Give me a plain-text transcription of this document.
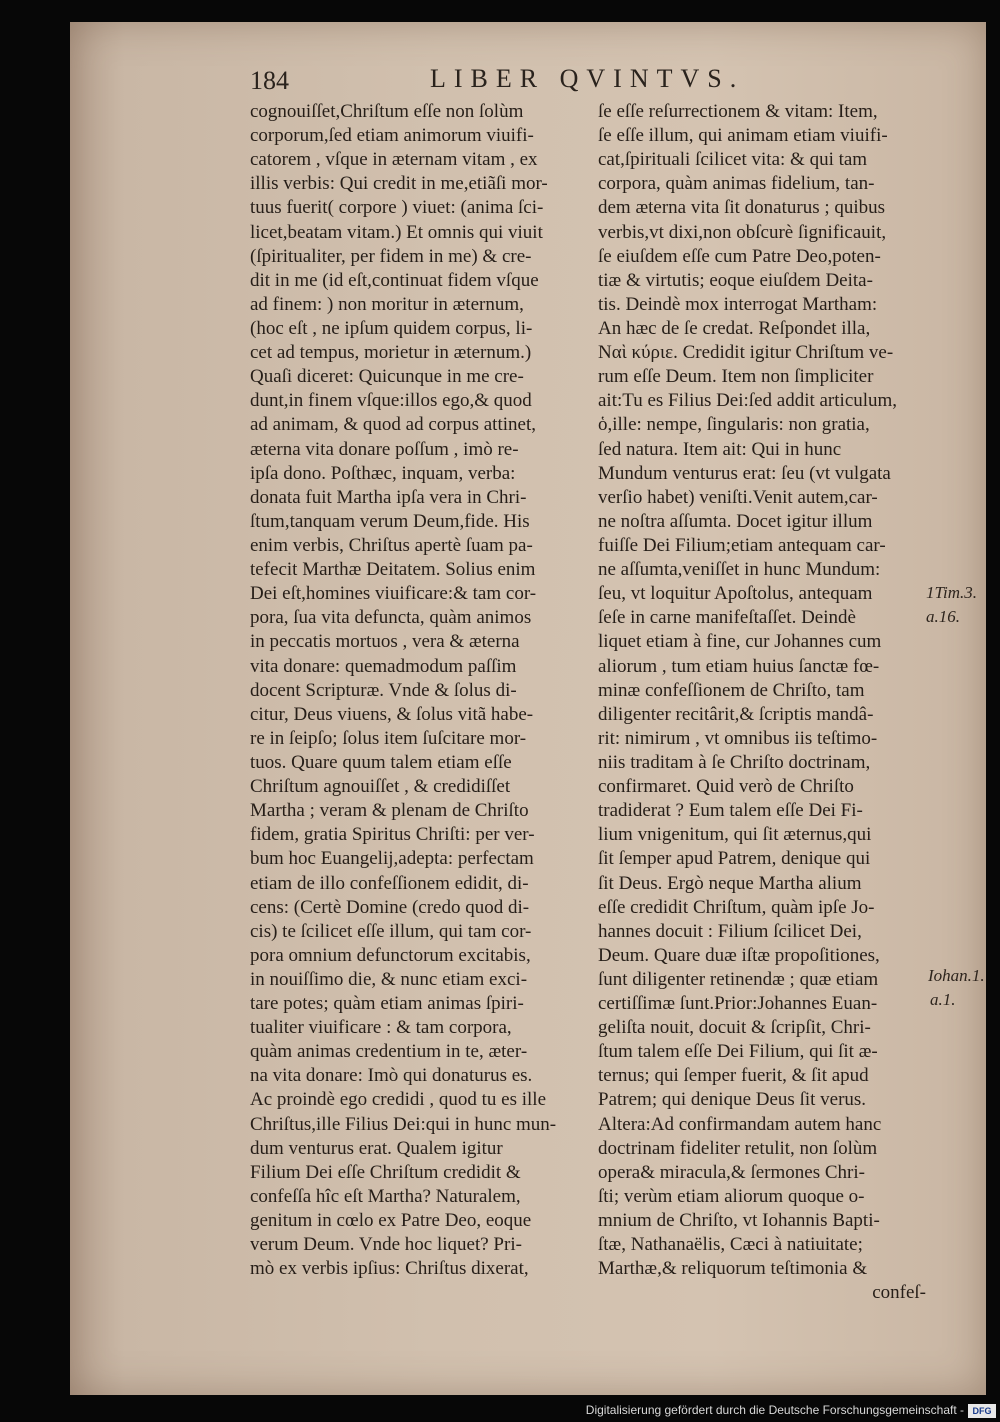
184	LIBER QVINTVS.
cognouiſſet,Chriſtum eſſe non ſolùm
corporum,ſed etiam animorum viuifi-
catorem , vſque in æternam vitam , ex
illis verbis: Qui credit in me,etiãſi mor-
tuus fuerit( corpore ) viuet: (anima ſci-
licet,beatam vitam.) Et omnis qui viuit
(ſpiritualiter, per fidem in me) & cre-
dit in me (id eſt,continuat fidem vſque
ad finem: ) non moritur in æternum,
(hoc eſt , ne ipſum quidem corpus, li-
cet ad tempus, morietur in æternum.)
Quaſi diceret: Quicunque in me cre-
dunt,in finem vſque:illos ego,& quod
ad animam, & quod ad corpus attinet,
æterna vita donare poſſum , imò re-
ipſa dono. Poſthæc, inquam, verba:
donata fuit Martha ipſa vera in Chri-
ſtum,tanquam verum Deum,fide. His
enim verbis, Chriſtus apertè ſuam pa-
tefecit Marthæ Deitatem. Solius enim
Dei eſt,homines viuificare:& tam cor-
pora, ſua vita defuncta, quàm animos
in peccatis mortuos , vera & æterna
vita donare: quemadmodum paſſim
docent Scripturæ. Vnde & ſolus di-
citur, Deus viuens, & ſolus vitã habe-
re in ſeipſo; ſolus item ſuſcitare mor-
tuos. Quare quum talem etiam eſſe
Chriſtum agnouiſſet , & credidiſſet
Martha ; veram & plenam de Chriſto
fidem, gratia Spiritus Chriſti: per ver-
bum hoc Euangelij,adepta: perfectam
etiam de illo confeſſionem edidit, di-
cens: (Certè Domine (credo quod di-
cis) te ſcilicet eſſe illum, qui tam cor-
pora omnium defunctorum excitabis,
in nouiſſimo die, & nunc etiam exci-
tare potes; quàm etiam animas ſpiri-
tualiter viuificare : & tam corpora,
quàm animas credentium in te, æter-
na vita donare: Imò qui donaturus es.
Ac proindè ego credidi , quod tu es ille
Chriſtus,ille Filius Dei:qui in hunc mun-
dum venturus erat. Qualem igitur
Filium Dei eſſe Chriſtum credidit &
confeſſa hîc eſt Martha? Naturalem,
genitum in cœlo ex Patre Deo, eoque
verum Deum. Vnde hoc liquet? Pri-
mò ex verbis ipſius: Chriſtus dixerat,
ſe eſſe reſurrectionem & vitam: Item,
ſe eſſe illum, qui animam etiam viuifi-
cat,ſpirituali ſcilicet vita: & qui tam
corpora, quàm animas fidelium, tan-
dem æterna vita ſit donaturus ; quibus
verbis,vt dixi,non obſcurè ſignificauit,
ſe eiuſdem eſſe cum Patre Deo,poten-
tiæ & virtutis; eoque eiuſdem Deita-
tis. Deindè mox interrogat Martham:
An hæc de ſe credat. Reſpondet illa,
Ναὶ κύριε. Credidit igitur Chriſtum ve-
rum eſſe Deum. Item non ſimpliciter
ait:Tu es Filius Dei:ſed addit articulum,
ὁ,ille: nempe, ſingularis: non gratia,
ſed natura. Item ait: Qui in hunc
Mundum venturus erat: ſeu (vt vulgata
verſio habet) veniſti.Venit autem,car-
ne noſtra aſſumta. Docet igitur illum
fuiſſe Dei Filium;etiam antequam car-
ne aſſumta,veniſſet in hunc Mundum:
ſeu, vt loquitur Apoſtolus, antequam
ſeſe in carne manifeſtaſſet. Deindè
liquet etiam à fine, cur Johannes cum
aliorum , tum etiam huius ſanctæ fœ-
minæ confeſſionem de Chriſto, tam
diligenter recitârit,& ſcriptis mandâ-
rit: nimirum , vt omnibus iis teſtimo-
niis traditam à ſe Chriſto doctrinam,
confirmaret. Quid verò de Chriſto
tradiderat ? Eum talem eſſe Dei Fi-
lium vnigenitum, qui ſit æternus,qui
ſit ſemper apud Patrem, denique qui
ſit Deus. Ergò neque Martha alium
eſſe credidit Chriſtum, quàm ipſe Jo-
hannes docuit : Filium ſcilicet Dei,
Deum. Quare duæ iſtæ propoſitiones,
ſunt diligenter retinendæ ; quæ etiam
certiſſimæ ſunt.Prior:Johannes Euan-
geliſta nouit, docuit & ſcripſit, Chri-
ſtum talem eſſe Dei Filium, qui ſit æ-
ternus; qui ſemper fuerit, & ſit apud
Patrem; qui denique Deus ſit verus.
Altera:Ad confirmandam autem hanc
doctrinam fideliter retulit, non ſolùm
opera& miracula,& ſermones Chri-
ſti; verùm etiam aliorum quoque o-
mnium de Chriſto, vt Iohannis Bapti-
ſtæ, Nathanaëlis, Cæci à natiuitate;
Marthæ,& reliquorum teſtimonia &
confeſ-
1Tim.3.
a.16.
Iohan.1.
a.1.
Digitalisierung gefördert durch die Deutsche Forschungsgemeinschaft - DFG
